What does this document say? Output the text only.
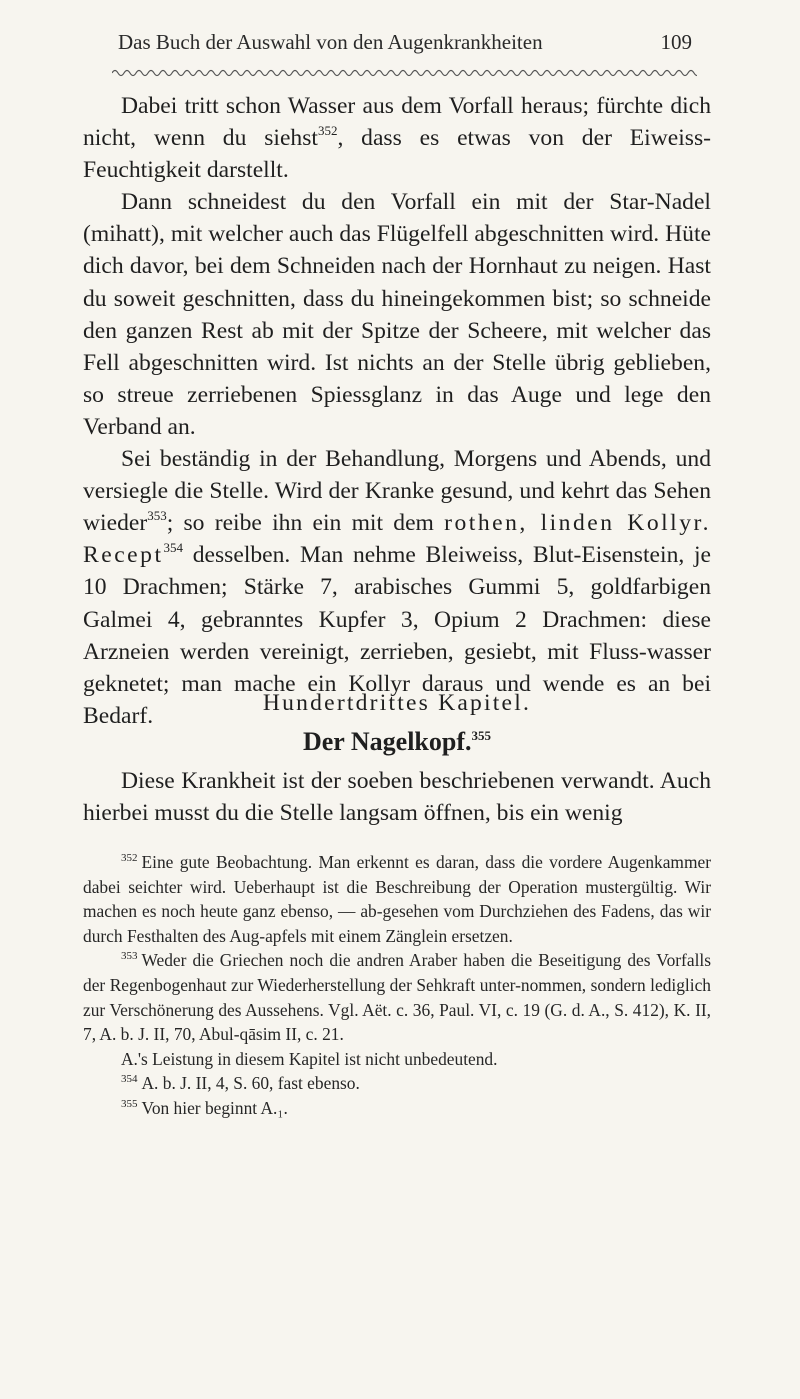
Das Buch der Auswahl von den Augenkrankheiten	109

Dabei tritt schon Wasser aus dem Vorfall heraus; fürchte dich nicht, wenn du siehst$^{352}$, dass es etwas von der Eiweiss-Feuchtigkeit darstellt.

Dann schneidest du den Vorfall ein mit der Star-Nadel (mihatt), mit welcher auch das Flügelfell abgeschnitten wird. Hüte dich davor, bei dem Schneiden nach der Hornhaut zu neigen. Hast du soweit geschnitten, dass du hineingekommen bist; so schneide den ganzen Rest ab mit der Spitze der Scheere, mit welcher das Fell abgeschnitten wird. Ist nichts an der Stelle übrig geblieben, so streue zerriebenen Spiessglanz in das Auge und lege den Verband an.

Sei beständig in der Behandlung, Morgens und Abends, und versiegle die Stelle. Wird der Kranke gesund, und kehrt das Sehen wieder$^{353}$; so reibe ihn ein mit dem rothen, linden Kollyr. Recept$^{354}$ desselben. Man nehme Bleiweiss, Blut-Eisenstein, je 10 Drachmen; Stärke 7, arabisches Gummi 5, goldfarbigen Galmei 4, gebranntes Kupfer 3, Opium 2 Drachmen: diese Arzneien werden vereinigt, zerrieben, gesiebt, mit Fluss-wasser geknetet; man mache ein Kollyr daraus und wende es an bei Bedarf.	Hundertdrittes Kapitel.
Der Nagelkopf.$^{355}$

Diese Krankheit ist der soeben beschriebenen verwandt. Auch hierbei musst du die Stelle langsam öffnen, bis ein wenig

$^{352}$ Eine gute Beobachtung. Man erkennt es daran, dass die vordere Augenkammer dabei seichter wird. Ueberhaupt ist die Beschreibung der Operation mustergültig. Wir machen es noch heute ganz ebenso, — ab-gesehen vom Durchziehen des Fadens, das wir durch Festhalten des Aug-apfels mit einem Zänglein ersetzen.

$^{353}$ Weder die Griechen noch die andren Araber haben die Beseitigung des Vorfalls der Regenbogenhaut zur Wiederherstellung der Sehkraft unter-nommen, sondern lediglich zur Verschönerung des Aussehens. Vgl. Aët. c. 36, Paul. VI, c. 19 (G. d. A., S. 412), K. II, 7, A. b. J. II, 70, Abul-qāsim II, c. 21.

A.'s Leistung in diesem Kapitel ist nicht unbedeutend.

$^{354}$ A. b. J. II, 4, S. 60, fast ebenso.

$^{355}$ Von hier beginnt A.₁.
